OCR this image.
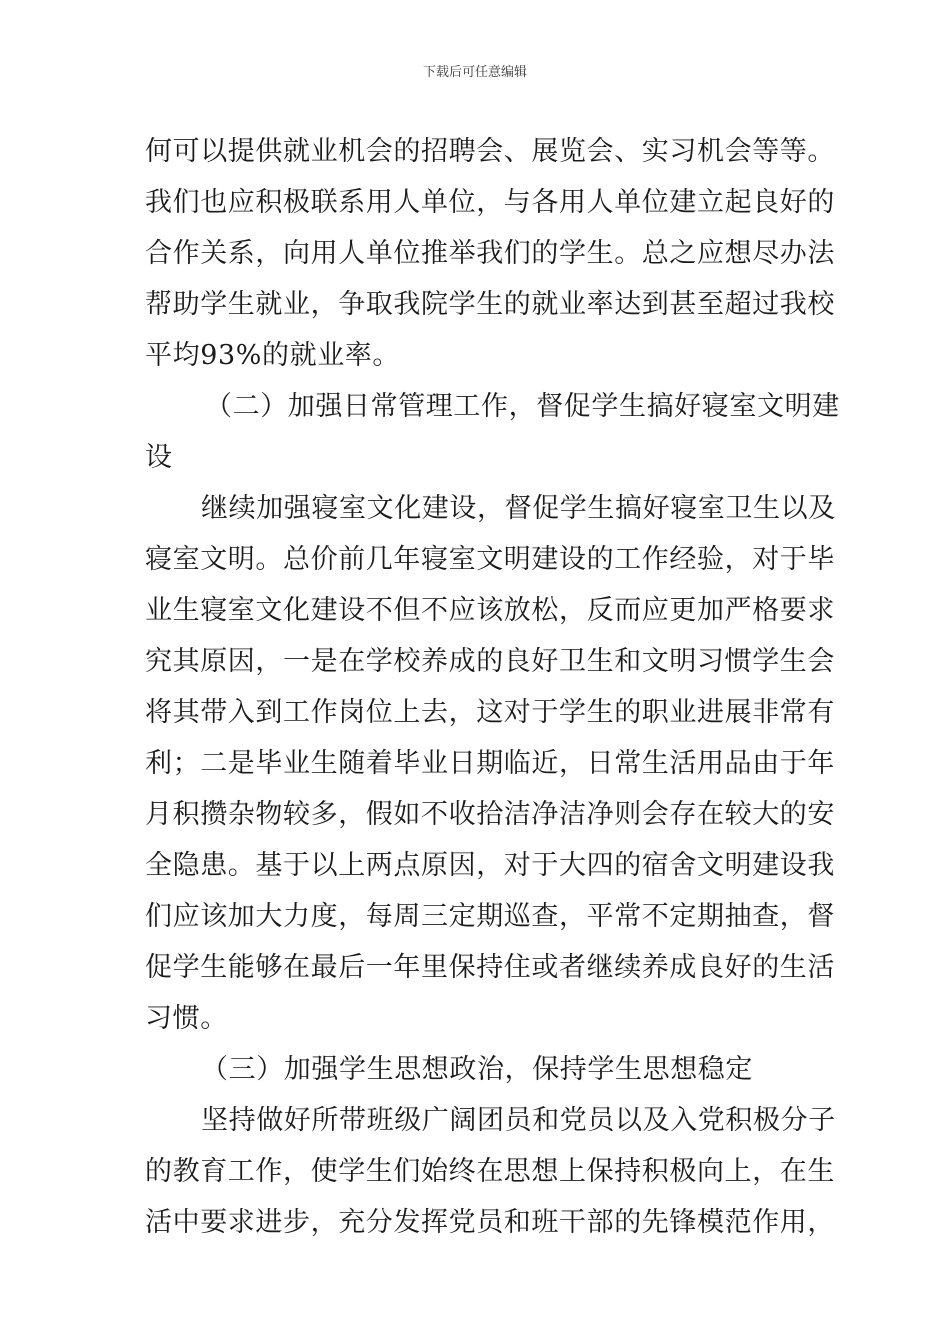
下载后可任意编辑
何可以提供就业机会的招聘会、展览会、实习机会等等。
我们也应积极联系用人单位，与各用人单位建立起良好的
合作关系，向用人单位推举我们的学生。总之应想尽办法
帮助学生就业，争取我院学生的就业率达到甚至超过我校
平均93%的就业率。
（二）加强日常管理工作，督促学生搞好寝室文明建
设
继续加强寝室文化建设，督促学生搞好寝室卫生以及
寝室文明。总价前几年寝室文明建设的工作经验，对于毕
业生寝室文化建设不但不应该放松，反而应更加严格要求
究其原因，一是在学校养成的良好卫生和文明习惯学生会
将其带入到工作岗位上去，这对于学生的职业进展非常有
利；二是毕业生随着毕业日期临近，日常生活用品由于年
月积攒杂物较多，假如不收拾洁净洁净则会存在较大的安
全隐患。基于以上两点原因，对于大四的宿舍文明建设我
们应该加大力度，每周三定期巡查，平常不定期抽查，督
促学生能够在最后一年里保持住或者继续养成良好的生活
习惯。
（三）加强学生思想政治，保持学生思想稳定
坚持做好所带班级广阔团员和党员以及入党积极分子
的教育工作，使学生们始终在思想上保持积极向上，在生
活中要求进步，充分发挥党员和班干部的先锋模范作用，
